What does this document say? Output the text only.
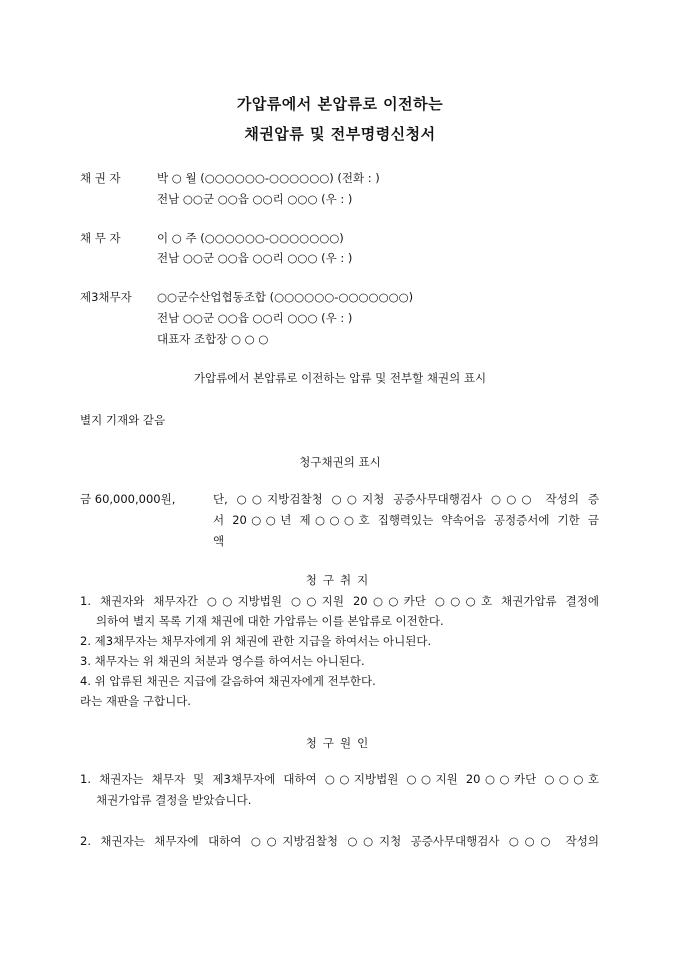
가압류에서 본압류로 이전하는
채권압류 및 전부명령신청서
채 권 자	박 ○ 월 (○○○○○○-○○○○○○) (전화 : )
전남 ○○군 ○○읍 ○○리 ○○○ (우 : )
채 무 자	이 ○ 주 (○○○○○○-○○○○○○○)
전남 ○○군 ○○읍 ○○리 ○○○ (우 : )
제3채무자 ○○군수산업협동조합 (○○○○○○-○○○○○○○)
전남 ○○군 ○○읍 ○○리 ○○○ (우 : )
대표자 조합장 ○ ○ ○
가압류에서 본압류로 이전하는 압류 및 전부할 채권의 표시
별지 기재와 같음
청구채권의 표시
금 60,000,000원,	단, ○○지방검찰청 ○○지청 공증사무대행검사 ○○○ 작성의 증
서 20○○년 제○○○호 집행력있는 약속어음 공정증서에 기한 금
액
청구취지
1. 채권자와 채무자간 ○○지방법원 ○○지원 20○○카단 ○○○호 채권가압류 결정에
의하여 별지 목록 기재 채권에 대한 가압류는 이를 본압류로 이전한다.
2. 제3채무자는 채무자에게 위 채권에 관한 지급을 하여서는 아니된다.
3. 채무자는 위 채권의 처분과 영수를 하여서는 아니된다.
4. 위 압류된 채권은 지급에 갈음하여 채권자에게 전부한다.
라는 재판을 구합니다.
청구원인
1. 채권자는 채무자 및 제3채무자에 대하여 ○○지방법원 ○○지원 20○○카단 ○○○호
채권가압류 결정을 받았습니다.
2. 채권자는 채무자에 대하여 ○○지방검찰청 ○○지청 공증사무대행검사 ○○○ 작성의
